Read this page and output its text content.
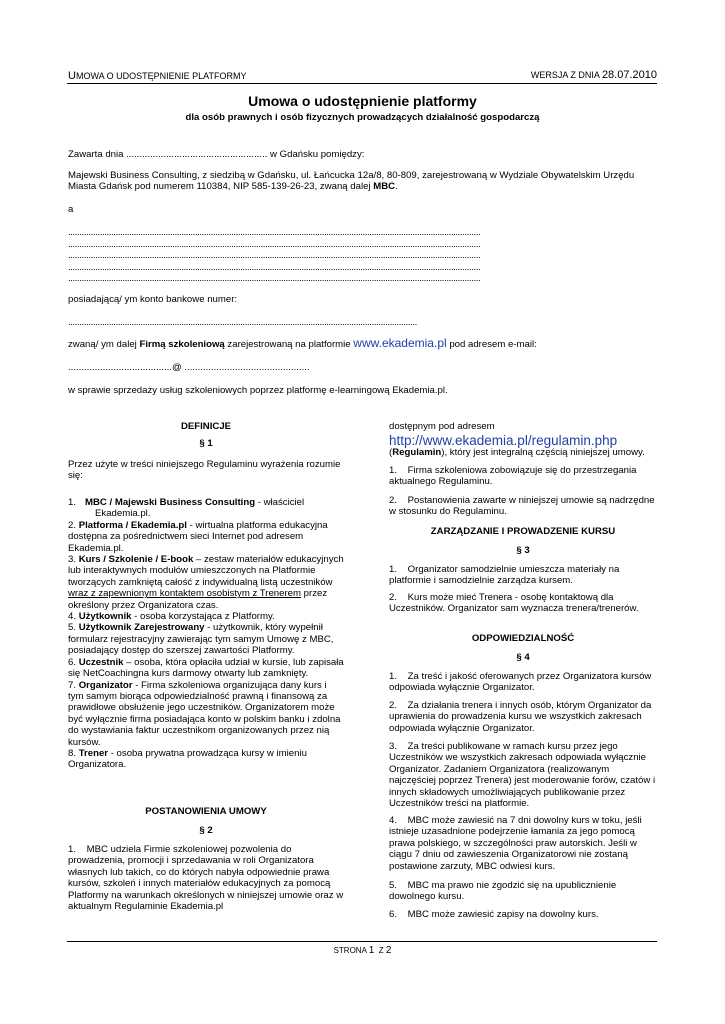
UMOWA O UDOSTĘPNIENIE PLATFORMY	WERSJA Z DNIA 28.07.2010
Umowa o udostępnienie platformy
dla osób prawnych i osób fizycznych prowadzących działalność gospodarczą
Zawarta dnia ..................................................... w Gdańsku pomiędzy:
Majewski Business Consulting, z siedzibą w Gdańsku, ul. Łańcucka 12a/8, 80-809, zarejestrowaną w Wydziale Obywatelskim Urzędu
Miasta Gdańsk pod numerem 110384, NIP 585-139-26-23, zwaną dalej MBC.
a
......................................................................................................................................................................................
......................................................................................................................................................................................
......................................................................................................................................................................................
......................................................................................................................................................................................
......................................................................................................................................................................................
posiadającą/ ym konto bankowe numer:
..........................................................................................................................................................
zwaną/ ym dalej Firmą szkoleniową zarejestrowaną na platformie www.ekademia.pl pod adresem e-mail:
.......................................@ ...............................................
w sprawie sprzedaży usług szkoleniowych poprzez platformę e-learningową Ekademia.pl.
DEFINICJE
§ 1
Przez użyte w treści niniejszego Regulaminu wyrażenia rozumie się:
1. MBC / Majewski Business Consulting - właściciel Ekademia.pl.
2. Platforma / Ekademia.pl - wirtualna platforma edukacyjna dostępna za pośrednictwem sieci Internet pod adresem Ekademia.pl.
3. Kurs / Szkolenie / E-book – zestaw materiałów edukacyjnych lub interaktywnych modułów umieszczonych na Platformie tworzących zamkniętą całość z indywidualną listą uczestników wraz z zapewnionym kontaktem osobistym z Trenerem przez określony przez Organizatora czas.
4. Użytkownik - osoba korzystająca z Platformy.
5. Użytkownik Zarejestrowany - użytkownik, który wypełnił formularz rejestracyjny zawierając tym samym Umowę z MBC, posiadający dostęp do szerszej zawartości Platformy.
6. Uczestnik – osoba, która opłaciła udział w kursie, lub zapisała się NetCoachingna kurs darmowy otwarty lub zamknięty.
7. Organizator - Firma szkoleniowa organizująca dany kurs i tym samym biorąca odpowiedzialność prawną i finansową za prawidłowe obsłużenie jego uczestników. Organizatorem może być wyłącznie firma posiadająca konto w polskim banku i zdolna do wystawiania faktur uczestnikom organizowanych przez nią kursów.
8. Trener - osoba prywatna prowadząca kursy w imieniu Organizatora.
POSTANOWIENIA UMOWY
§ 2
1.    MBC udziela Firmie szkoleniowej pozwolenia do prowadzenia, promocji i sprzedawania w roli Organizatora własnych lub takich, co do których nabyła odpowiednie prawa kursów, szkoleń i innych materiałów edukacyjnych za pomocą Platformy na warunkach określonych w niniejszej umowie oraz w aktualnym Regulaminie Ekademia.pl
dostępnym pod adresem
http://www.ekademia.pl/regulamin.php
(Regulamin), który jest integralną częścią niniejszej umowy.
1.    Firma szkoleniowa zobowiązuje się do przestrzegania aktualnego Regulaminu.
2.    Postanowienia zawarte w niniejszej umowie są nadrzędne w stosunku do Regulaminu.
ZARZĄDZANIE I PROWADZENIE KURSU
§ 3
1.    Organizator samodzielnie umieszcza materiały na platformie i samodzielnie zarządza kursem.
2.    Kurs może mieć Trenera - osobę kontaktową dla Uczestników. Organizator sam wyznacza trenera/trenerów.
ODPOWIEDZIALNOŚĆ
§ 4
1.    Za treść i jakość oferowanych przez Organizatora kursów odpowiada wyłącznie Organizator.
2.    Za działania trenera i innych osób, którym Organizator da uprawienia do prowadzenia kursu we wszystkich zakresach odpowiada wyłącznie Organizator.
3.    Za treści publikowane w ramach kursu przez jego Uczestników we wszystkich zakresach odpowiada wyłącznie Organizator. Zadaniem Organizatora (realizowanym najczęściej poprzez Trenera) jest moderowanie forów, czatów i innych składowych umożliwiających publikowanie przez Uczestników treści na platformie.
4.    MBC może zawiesić na 7 dni dowolny kurs w toku, jeśli istnieje uzasadnione podejrzenie łamania za jego pomocą prawa polskiego, w szczególności praw autorskich. Jeśli w ciągu 7 dniu od zawieszenia Organizatorowi nie zostaną postawione zarzuty, MBC odwiesi kurs.
5.    MBC ma prawo nie zgodzić się na upublicznienie dowolnego kursu.
6.    MBC może zawiesić zapisy na dowolny kurs.
STRONA 1 Z 2
